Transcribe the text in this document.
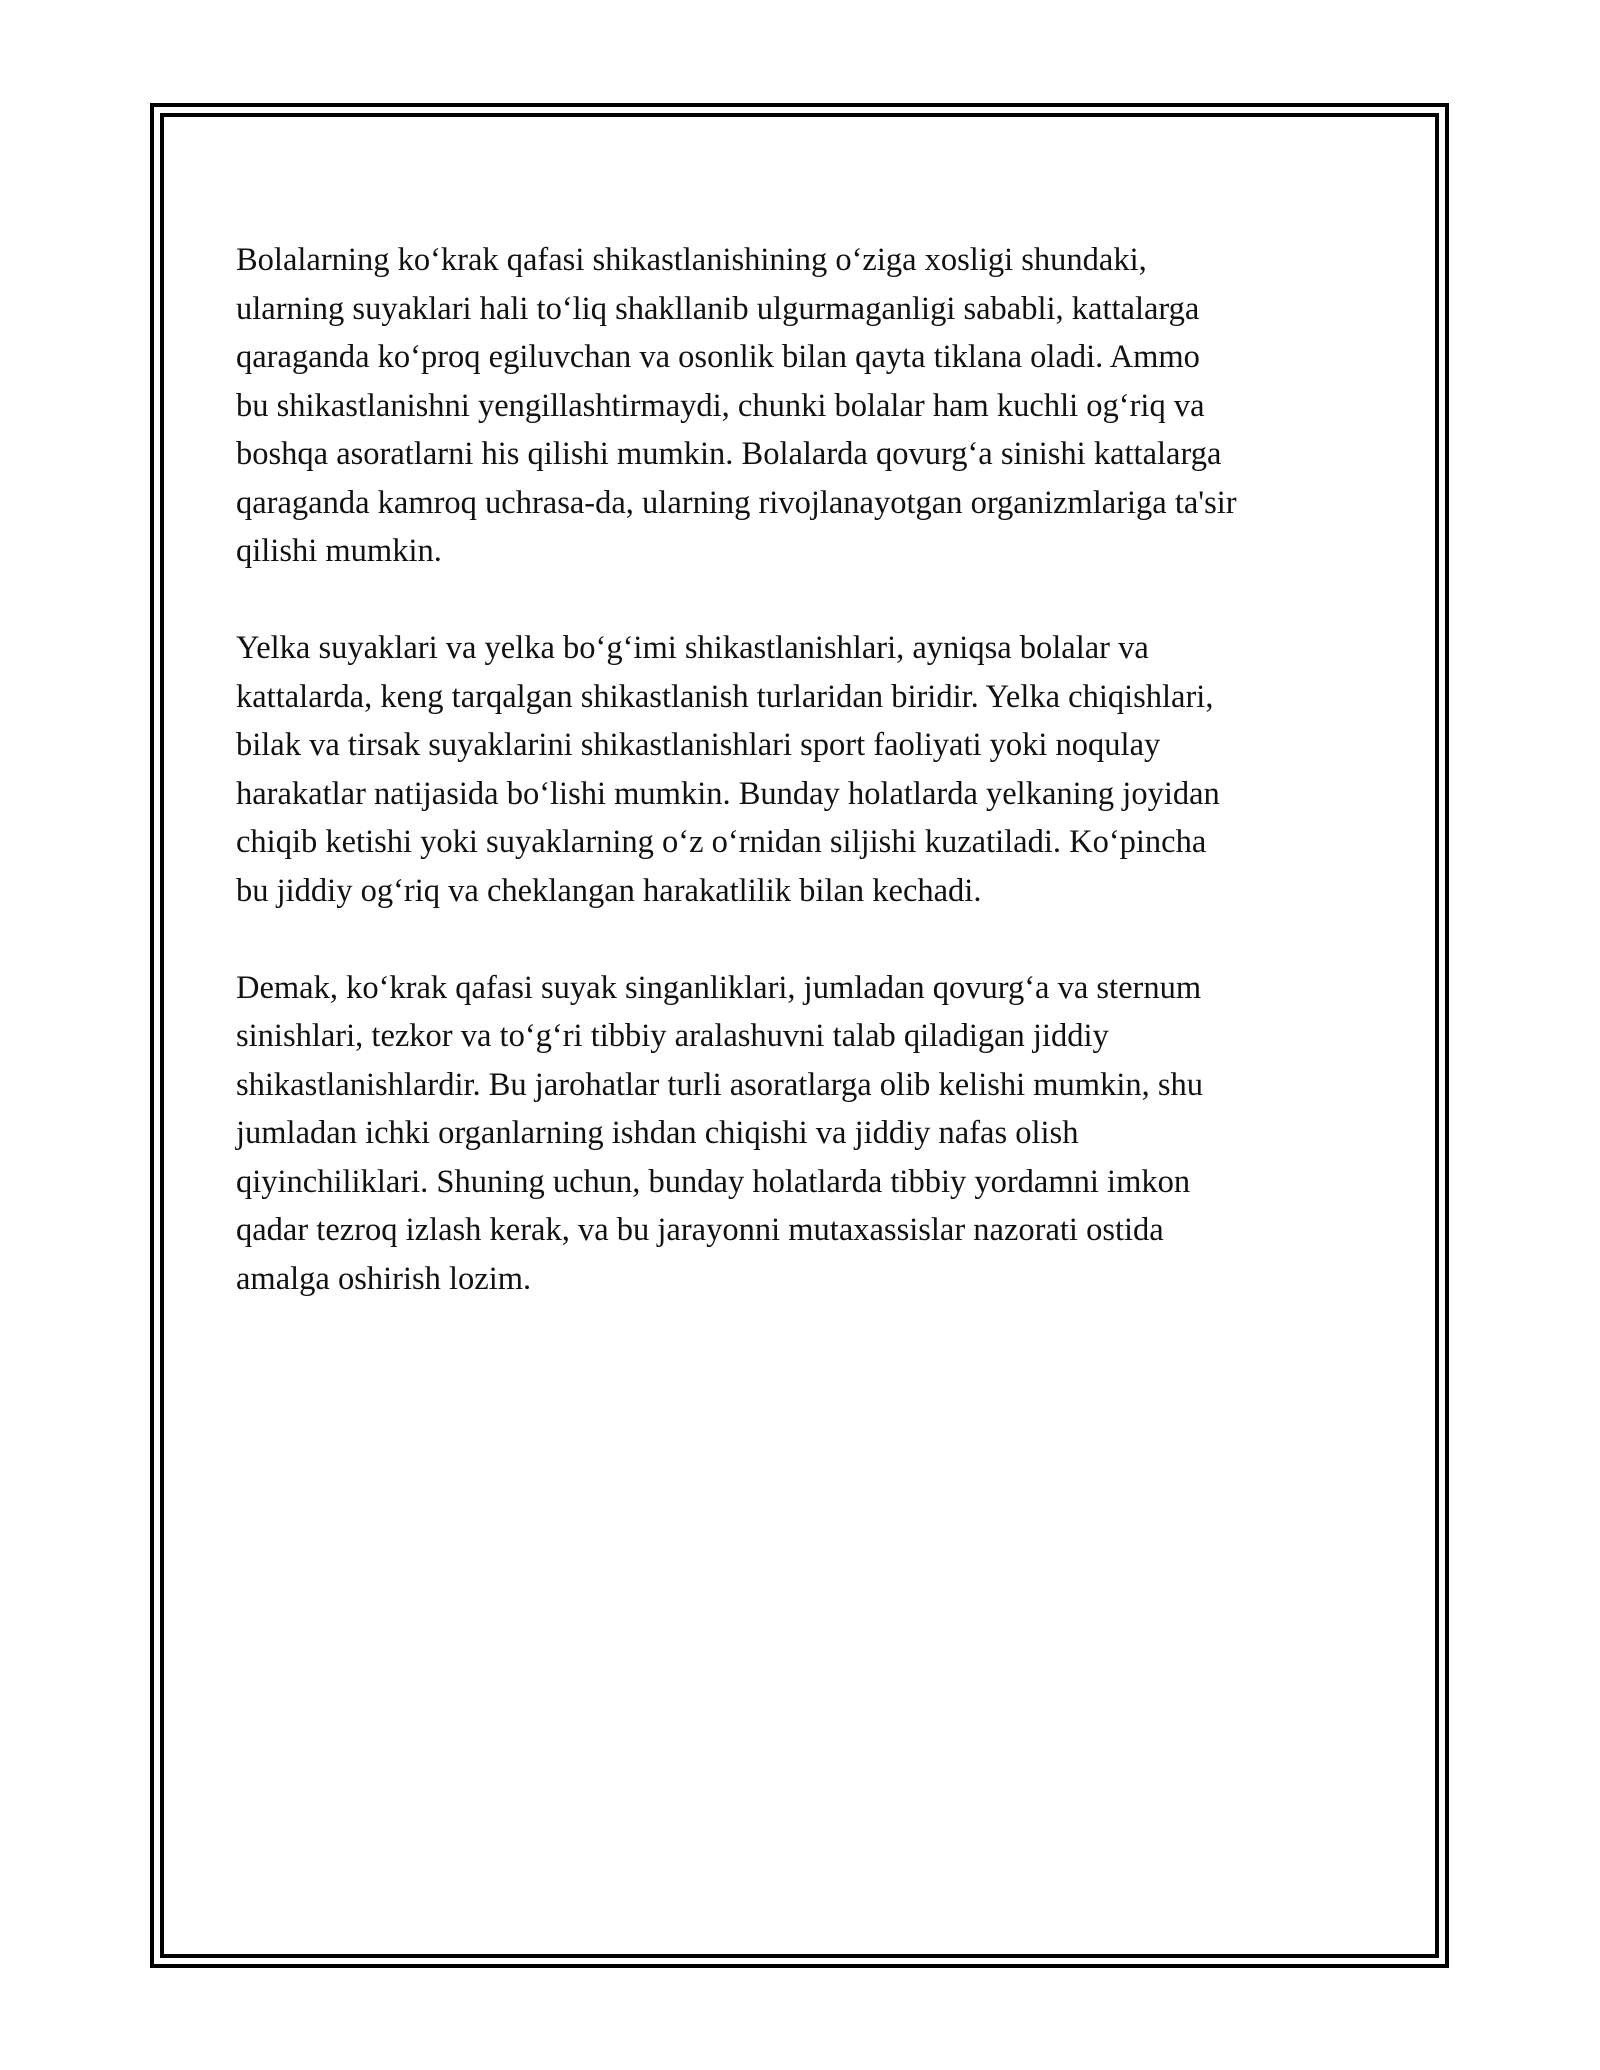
Bolalarning ko‘krak qafasi shikastlanishining o‘ziga xosligi shundaki,
ularning suyaklari hali to‘liq shakllanib ulgurmaganligi sababli, kattalarga
qaraganda ko‘proq egiluvchan va osonlik bilan qayta tiklana oladi. Ammo
bu shikastlanishni yengillashtirmaydi, chunki bolalar ham kuchli og‘riq va
boshqa asoratlarni his qilishi mumkin. Bolalarda qovurg‘a sinishi kattalarga
qaraganda kamroq uchrasa-da, ularning rivojlanayotgan organizmlariga ta'sir
qilishi mumkin.

Yelka suyaklari va yelka bo‘g‘imi shikastlanishlari, ayniqsa bolalar va
kattalarda, keng tarqalgan shikastlanish turlaridan biridir. Yelka chiqishlari,
bilak va tirsak suyaklarini shikastlanishlari sport faoliyati yoki noqulay
harakatlar natijasida bo‘lishi mumkin. Bunday holatlarda yelkaning joyidan
chiqib ketishi yoki suyaklarning o‘z o‘rnidan siljishi kuzatiladi. Ko‘pincha
bu jiddiy og‘riq va cheklangan harakatlilik bilan kechadi.

Demak, ko‘krak qafasi suyak singanliklari, jumladan qovurg‘a va sternum
sinishlari, tezkor va to‘g‘ri tibbiy aralashuvni talab qiladigan jiddiy
shikastlanishlardir. Bu jarohatlar turli asoratlarga olib kelishi mumkin, shu
jumladan ichki organlarning ishdan chiqishi va jiddiy nafas olish
qiyinchiliklari. Shuning uchun, bunday holatlarda tibbiy yordamni imkon
qadar tezroq izlash kerak, va bu jarayonni mutaxassislar nazorati ostida
amalga oshirish lozim.
